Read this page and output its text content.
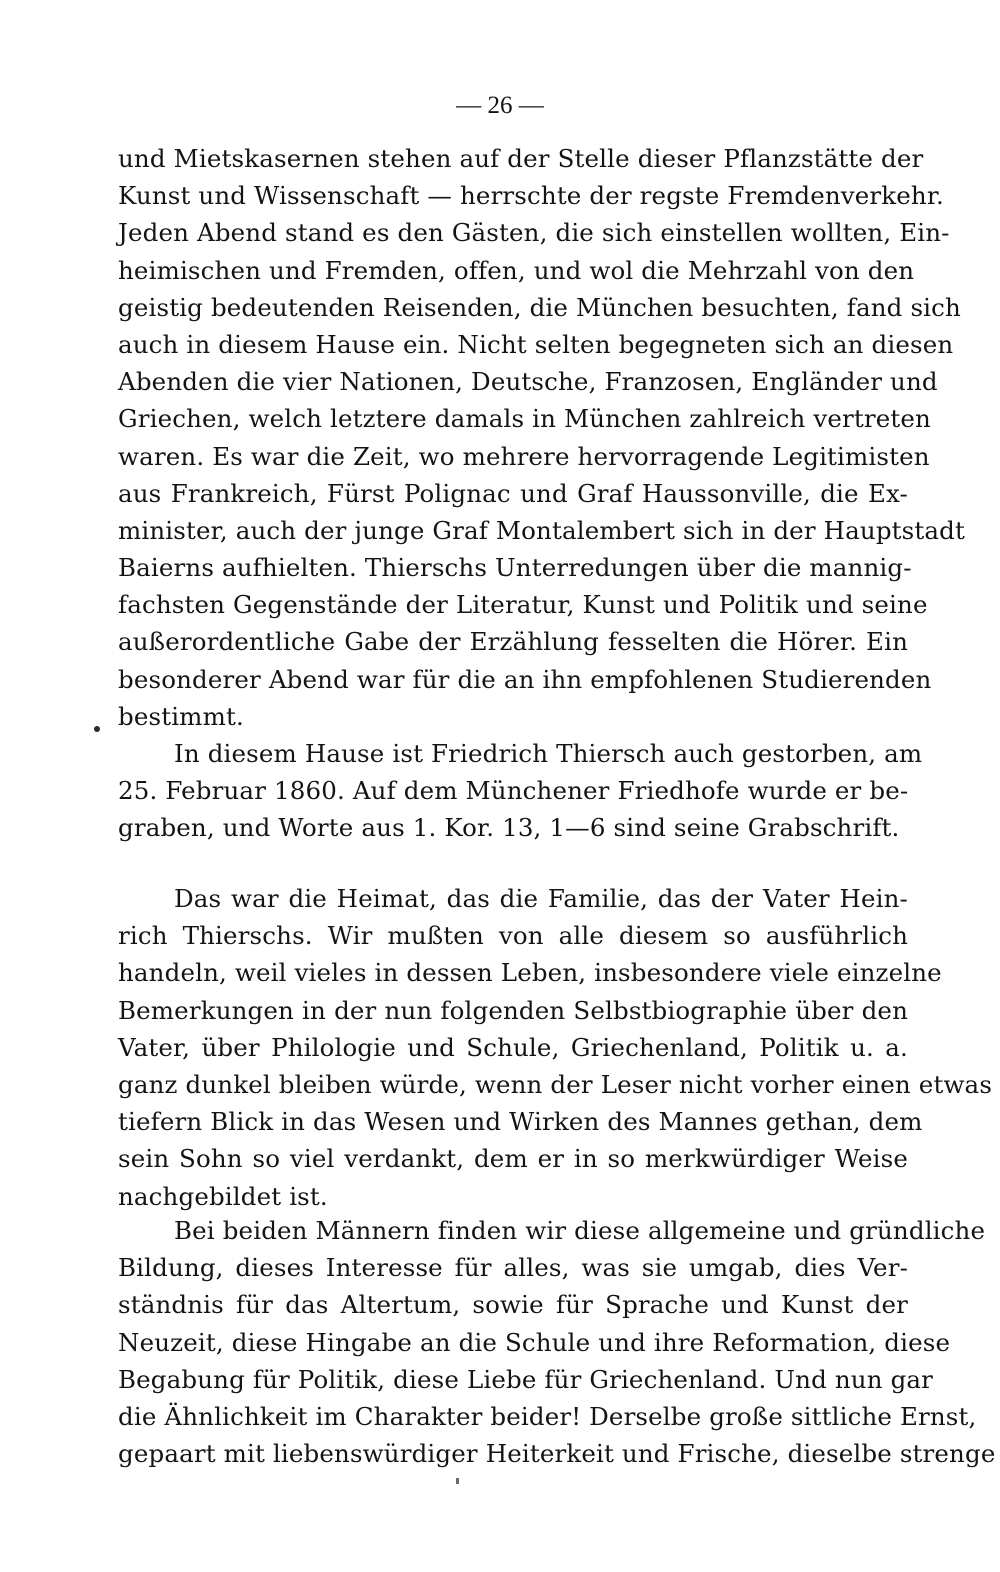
— 26 —
und Mietskasernen stehen auf der Stelle dieser Pflanzstätte der
Kunst und Wissenschaft — herrschte der regste Fremdenverkehr.
Jeden Abend stand es den Gästen, die sich einstellen wollten, Ein-
heimischen und Fremden, offen, und wol die Mehrzahl von den
geistig bedeutenden Reisenden, die München besuchten, fand sich
auch in diesem Hause ein. Nicht selten begegneten sich an diesen
Abenden die vier Nationen, Deutsche, Franzosen, Engländer und
Griechen, welch letztere damals in München zahlreich vertreten
waren. Es war die Zeit, wo mehrere hervorragende Legitimisten
aus Frankreich, Fürst Polignac und Graf Haussonville, die Ex-
minister, auch der junge Graf Montalembert sich in der Hauptstadt
Baierns aufhielten. Thierschs Unterredungen über die mannig-
fachsten Gegenstände der Literatur, Kunst und Politik und seine
außerordentliche Gabe der Erzählung fesselten die Hörer. Ein
besonderer Abend war für die an ihn empfohlenen Studierenden
bestimmt.
In diesem Hause ist Friedrich Thiersch auch gestorben, am
25. Februar 1860. Auf dem Münchener Friedhofe wurde er be-
graben, und Worte aus 1. Kor. 13, 1—6 sind seine Grabschrift.
Das war die Heimat, das die Familie, das der Vater Hein-
rich Thierschs. Wir mußten von alle diesem so ausführlich
handeln, weil vieles in dessen Leben, insbesondere viele einzelne
Bemerkungen in der nun folgenden Selbstbiographie über den
Vater, über Philologie und Schule, Griechenland, Politik u. a.
ganz dunkel bleiben würde, wenn der Leser nicht vorher einen etwas
tiefern Blick in das Wesen und Wirken des Mannes gethan, dem
sein Sohn so viel verdankt, dem er in so merkwürdiger Weise
nachgebildet ist.
Bei beiden Männern finden wir diese allgemeine und gründliche
Bildung, dieses Interesse für alles, was sie umgab, dies Ver-
ständnis für das Altertum, sowie für Sprache und Kunst der
Neuzeit, diese Hingabe an die Schule und ihre Reformation, diese
Begabung für Politik, diese Liebe für Griechenland. Und nun gar
die Ähnlichkeit im Charakter beider! Derselbe große sittliche Ernst,
gepaart mit liebenswürdiger Heiterkeit und Frische, dieselbe strenge
